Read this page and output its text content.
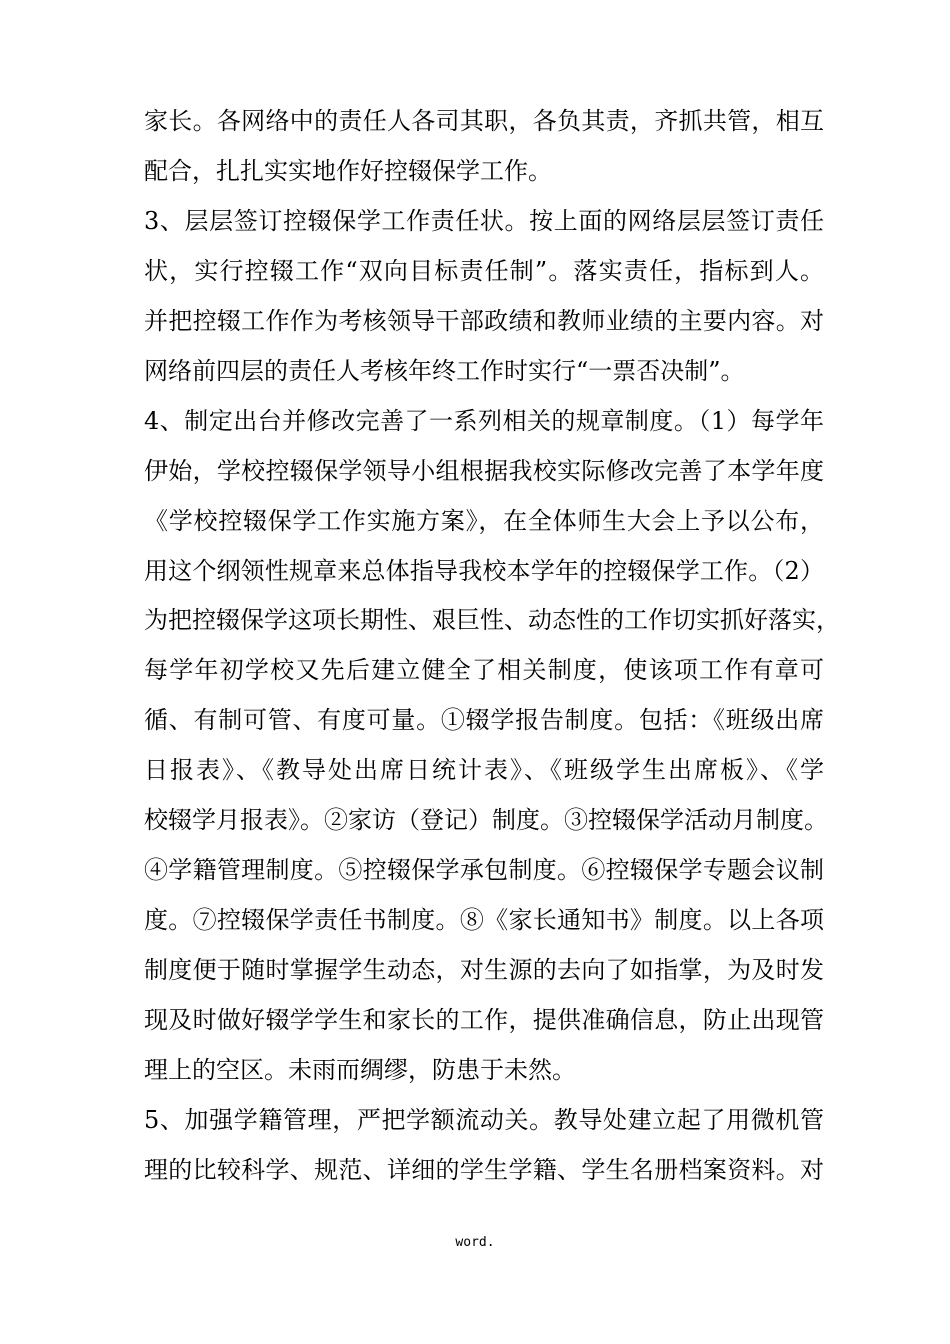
家长。各网络中的责任人各司其职，各负其责，齐抓共管，相互
配合，扎扎实实地作好控辍保学工作。
3、层层签订控辍保学工作责任状。按上面的网络层层签订责任
状，实行控辍工作“双向目标责任制”。落实责任，指标到人。
并把控辍工作作为考核领导干部政绩和教师业绩的主要内容。对
网络前四层的责任人考核年终工作时实行“一票否决制”。
4、制定出台并修改完善了一系列相关的规章制度。（1）每学年
伊始，学校控辍保学领导小组根据我校实际修改完善了本学年度
《学校控辍保学工作实施方案》，在全体师生大会上予以公布，
用这个纲领性规章来总体指导我校本学年的控辍保学工作。（2）
为把控辍保学这项长期性、艰巨性、动态性的工作切实抓好落实，
每学年初学校又先后建立健全了相关制度，使该项工作有章可
循、有制可管、有度可量。①辍学报告制度。包括：《班级出席
日报表》、《教导处出席日统计表》、《班级学生出席板》、《学
校辍学月报表》。②家访（登记）制度。③控辍保学活动月制度。
④学籍管理制度。⑤控辍保学承包制度。⑥控辍保学专题会议制
度。⑦控辍保学责任书制度。⑧《家长通知书》制度。以上各项
制度便于随时掌握学生动态，对生源的去向了如指掌，为及时发
现及时做好辍学学生和家长的工作，提供准确信息，防止出现管
理上的空区。未雨而绸缪，防患于未然。
5、加强学籍管理，严把学额流动关。教导处建立起了用微机管
理的比较科学、规范、详细的学生学籍、学生名册档案资料。对
word.
